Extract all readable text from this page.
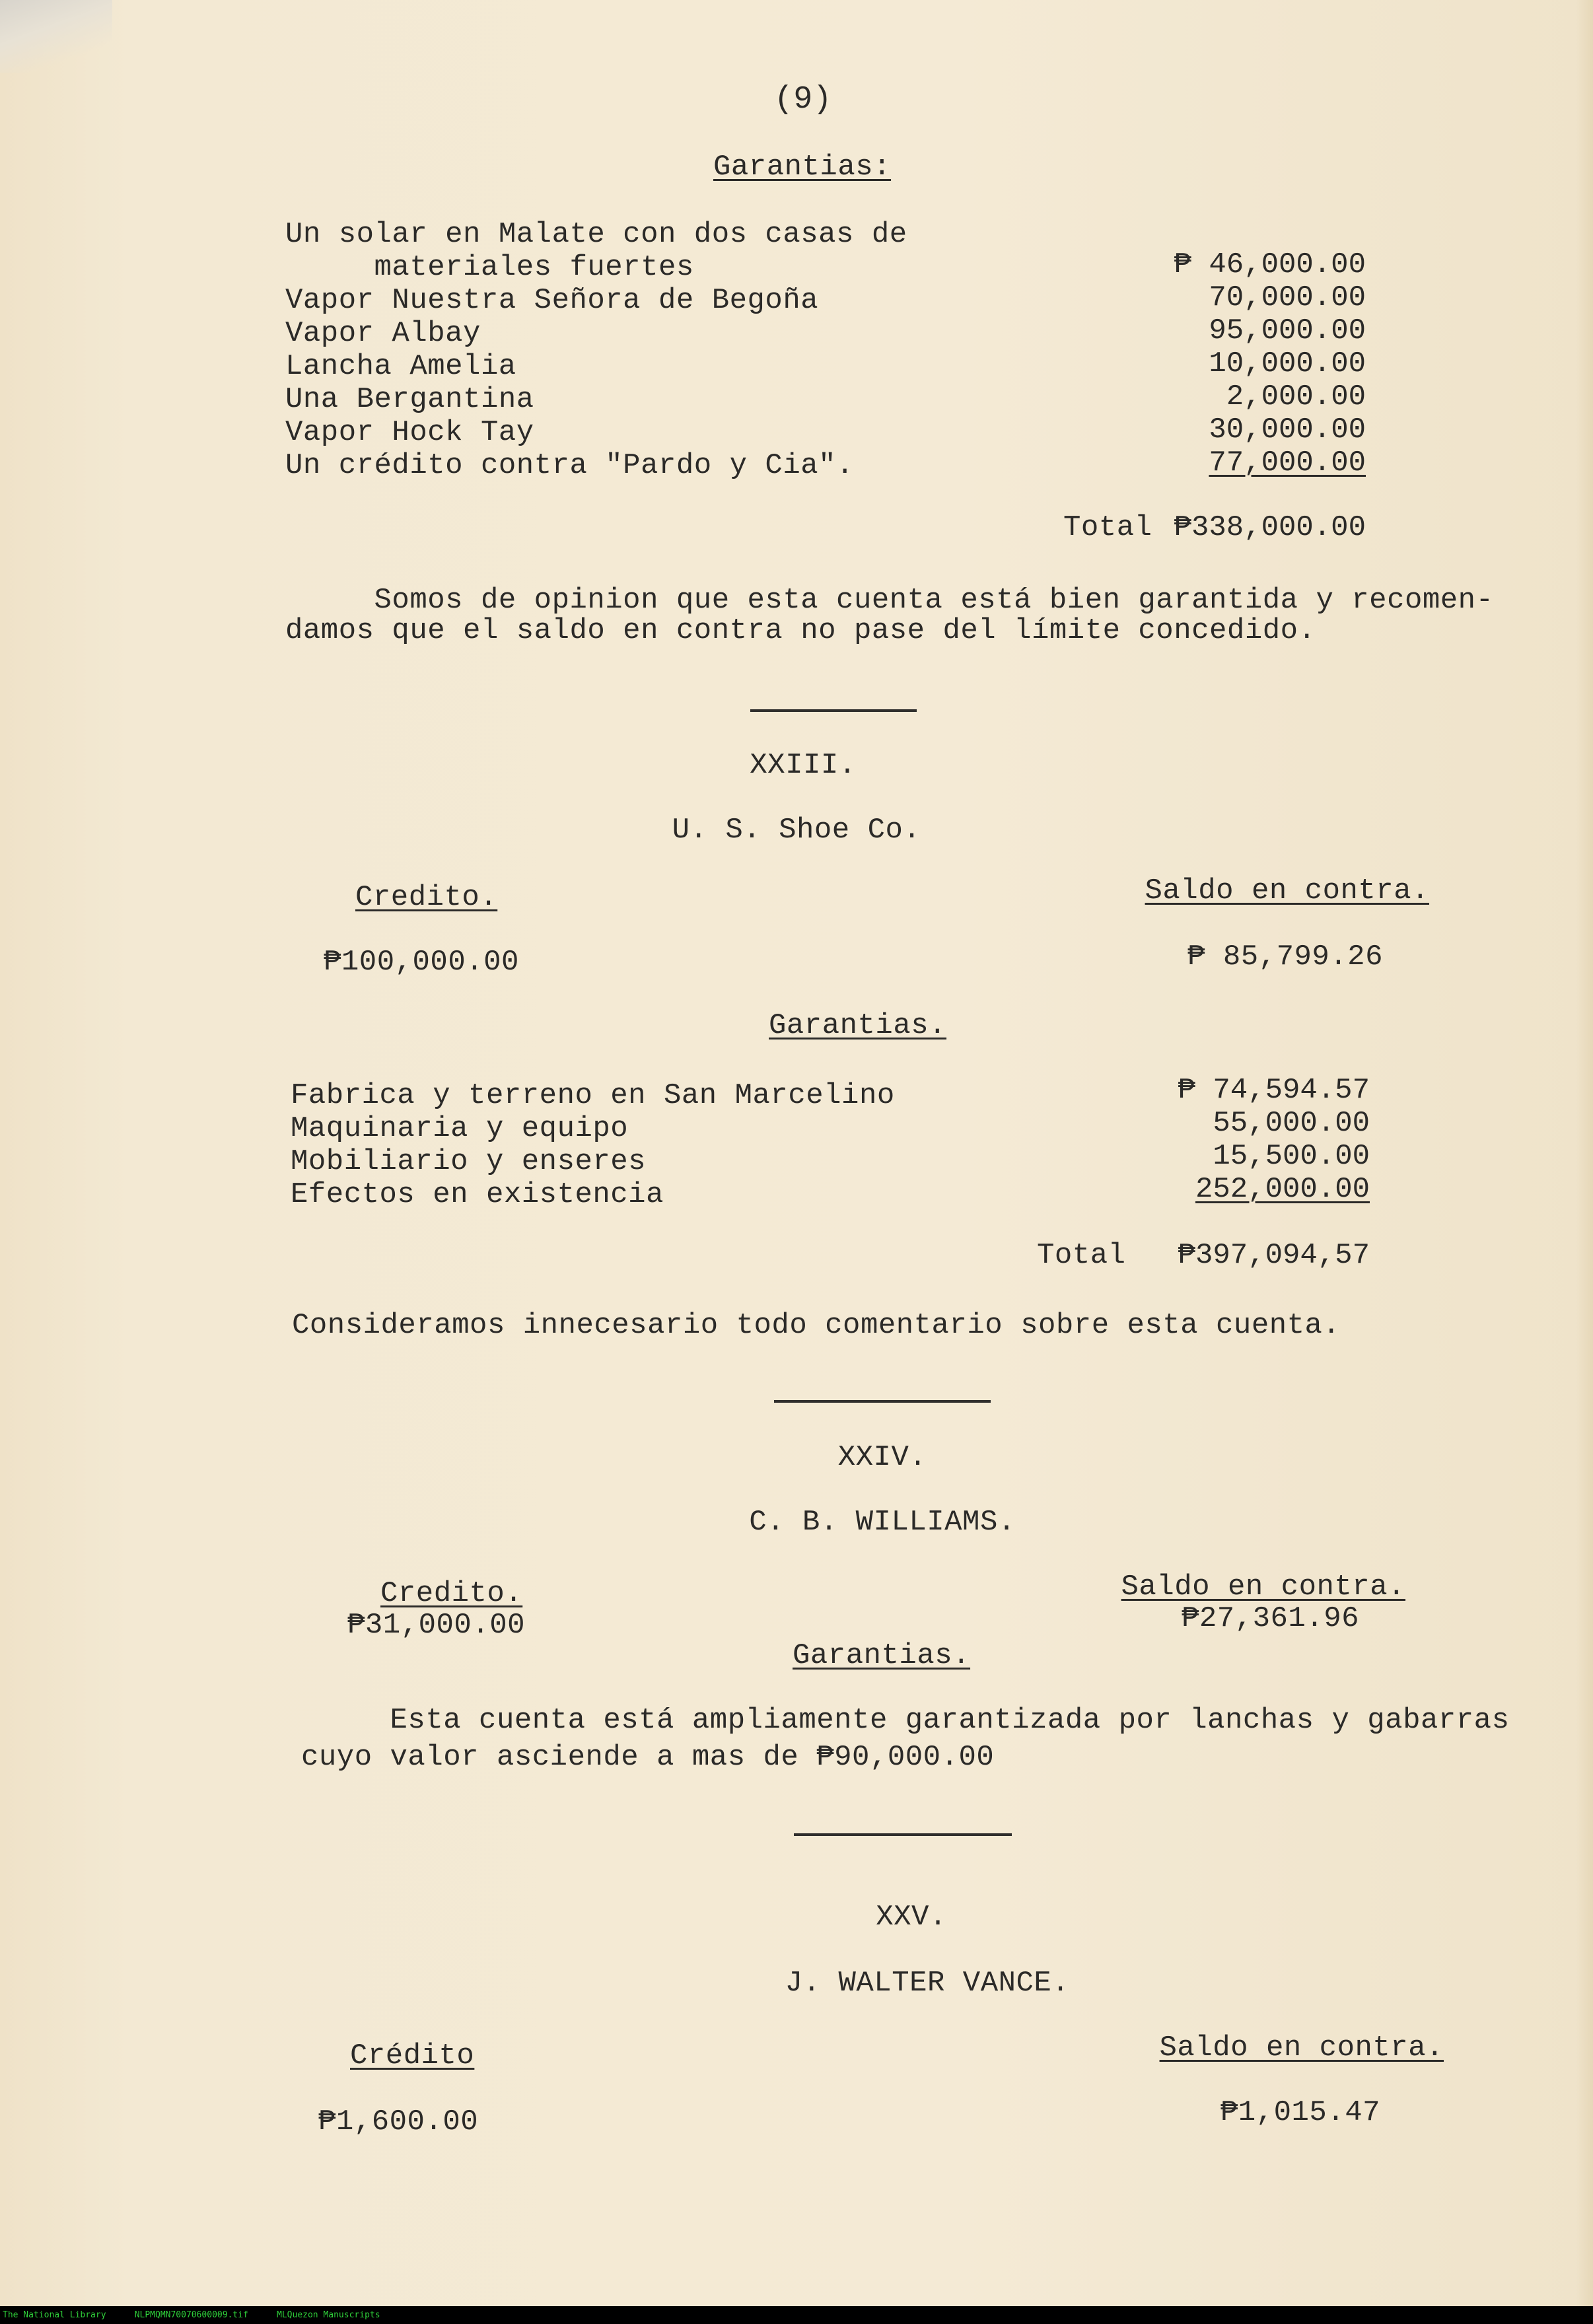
(9)
Garantias:
Un solar en Malate con dos casas de
materiales fuertes	₱ 46,000.00
Vapor Nuestra Señora de Begoña	70,000.00
Vapor Albay	95,000.00
Lancha Amelia	10,000.00
Una Bergantina	2,000.00
Vapor Hock Tay	30,000.00
Un crédito contra "Pardo y Cia".	77,000.00
Total ₱338,000.00
Somos de opinion que esta cuenta está bien garantida y recomen-
damos que el saldo en contra no pase del límite concedido.
XXIII.
U. S. Shoe Co.
Credito.	Saldo en contra.
₱100,000.00	₱ 85,799.26
Garantias.
Fabrica y terreno en San Marcelino	₱ 74,594.57
Maquinaria y equipo	55,000.00
Mobiliario y enseres	15,500.00
Efectos en existencia	252,000.00
Total ₱397,094,57
Consideramos innecesario todo comentario sobre esta cuenta.
XXIV.
C. B. WILLIAMS.
Credito.
₱31,000.00
Saldo en contra.
₱27,361.96
Garantias.
Esta cuenta está ampliamente garantizada por lanchas y gabarras
cuyo valor asciende a mas de ₱90,000.00
XXV.
J. WALTER VANCE.
Crédito	Saldo en contra.
₱1,600.00	₱1,015.47
The National Library	NLPMQMN70070600009.tif	MLQuezon Manuscripts
